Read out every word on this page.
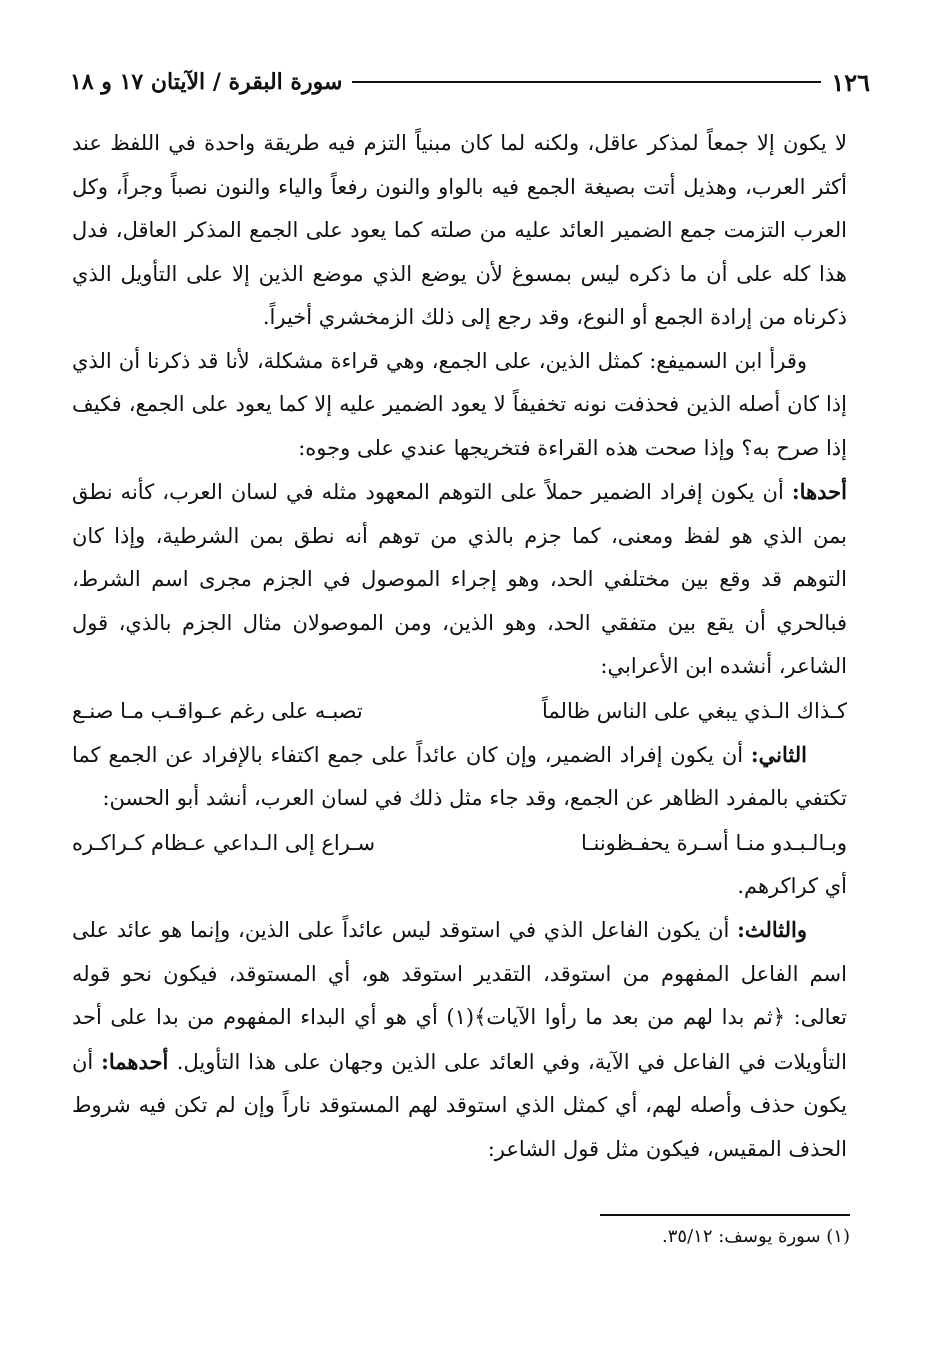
١٢٦
سورة البقرة / الآيتان ١٧ و ١٨

لا يكون إلا جمعاً لمذكر عاقل، ولكنه لما كان مبنياً التزم فيه طريقة واحدة في اللفظ عند أكثر العرب، وهذيل أتت بصيغة الجمع فيه بالواو والنون رفعاً والياء والنون نصباً وجراً، وكل العرب التزمت جمع الضمير العائد عليه من صلته كما يعود على الجمع المذكر العاقل، فدل هذا كله على أن ما ذكره ليس بمسوغ لأن يوضع الذي موضع الذين إلا على التأويل الذي ذكرناه من إرادة الجمع أو النوع، وقد رجع إلى ذلك الزمخشري أخيراً.

وقرأ ابن السميفع: كمثل الذين، على الجمع، وهي قراءة مشكلة، لأنا قد ذكرنا أن الذي إذا كان أصله الذين فحذفت نونه تخفيفاً لا يعود الضمير عليه إلا كما يعود على الجمع، فكيف إذا صرح به؟ وإذا صحت هذه القراءة فتخريجها عندي على وجوه:

أحدها: أن يكون إفراد الضمير حملاً على التوهم المعهود مثله في لسان العرب، كأنه نطق بمن الذي هو لفظ ومعنى، كما جزم بالذي من توهم أنه نطق بمن الشرطية، وإذا كان التوهم قد وقع بين مختلفي الحد، وهو إجراء الموصول في الجزم مجرى اسم الشرط، فبالحري أن يقع بين متفقي الحد، وهو الذين، ومن الموصولان مثال الجزم بالذي، قول الشاعر، أنشده ابن الأعرابي:

كـذاك الـذي يبغي على الناس ظالماً
تصبـه على رغم عـواقـب مـا صنـع

الثاني: أن يكون إفراد الضمير، وإن كان عائداً على جمع اكتفاء بالإفراد عن الجمع كما تكتفي بالمفرد الظاهر عن الجمع، وقد جاء مثل ذلك في لسان العرب، أنشد أبو الحسن:

وبـالـبـدو منـا أسـرة يحفـظوننـا
سـراع إلى الـداعي عـظام كـراكـره

أي كراكرهم.

والثالث: أن يكون الفاعل الذي في استوقد ليس عائداً على الذين، وإنما هو عائد على اسم الفاعل المفهوم من استوقد، التقدير استوقد هو، أي المستوقد، فيكون نحو قوله تعالى: ﴿ثم بدا لهم من بعد ما رأوا الآيات﴾(١) أي هو أي البداء المفهوم من بدا على أحد التأويلات في الفاعل في الآية، وفي العائد على الذين وجهان على هذا التأويل. أحدهما: أن يكون حذف وأصله لهم، أي كمثل الذي استوقد لهم المستوقد ناراً وإن لم تكن فيه شروط الحذف المقيس، فيكون مثل قول الشاعر:

(١) سورة يوسف: ٣٥/١٢.
